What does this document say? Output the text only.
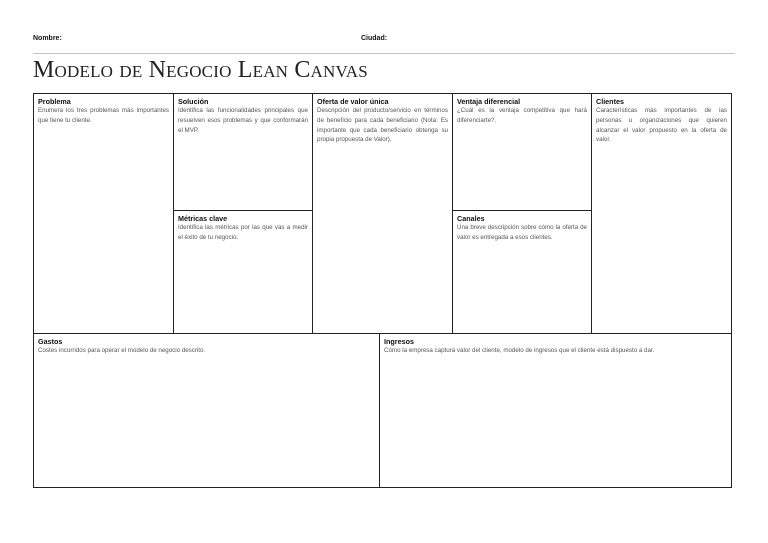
Nombre:	Ciudad:
Modelo de Negocio Lean Canvas
Problema

Enumera los tres problemas más importantes que tiene tu cliente.

Solución

Identifica las funcionalidades principales que resuelven esos problemas y que conformarán el MVP.

Métricas clave

Identifica las métricas por las que vas a medir el éxito de tu negocio.

Oferta de valor única

Descripción del producto/servicio en términos de beneficio para cada beneficiario (Nota: Es importante que cada beneficiario obtenga su propia propuesta de Valor).

Ventaja diferencial

¿Cuál es la ventaja competitiva que hará diferenciarte?.

Canales

Una breve descripción sobre cómo la oferta de valor es entregada a esos clientes.

Clientes

Características más importantes de las personas u organizaciones que quieren alcanzar el valor propuesto en la oferta de valor.

Gastos

Costes incurridos para operar el modelo de negocio descrito.

Ingresos

Cómo la empresa captura valor del cliente, modelo de ingresos que el cliente está dispuesto a dar.
